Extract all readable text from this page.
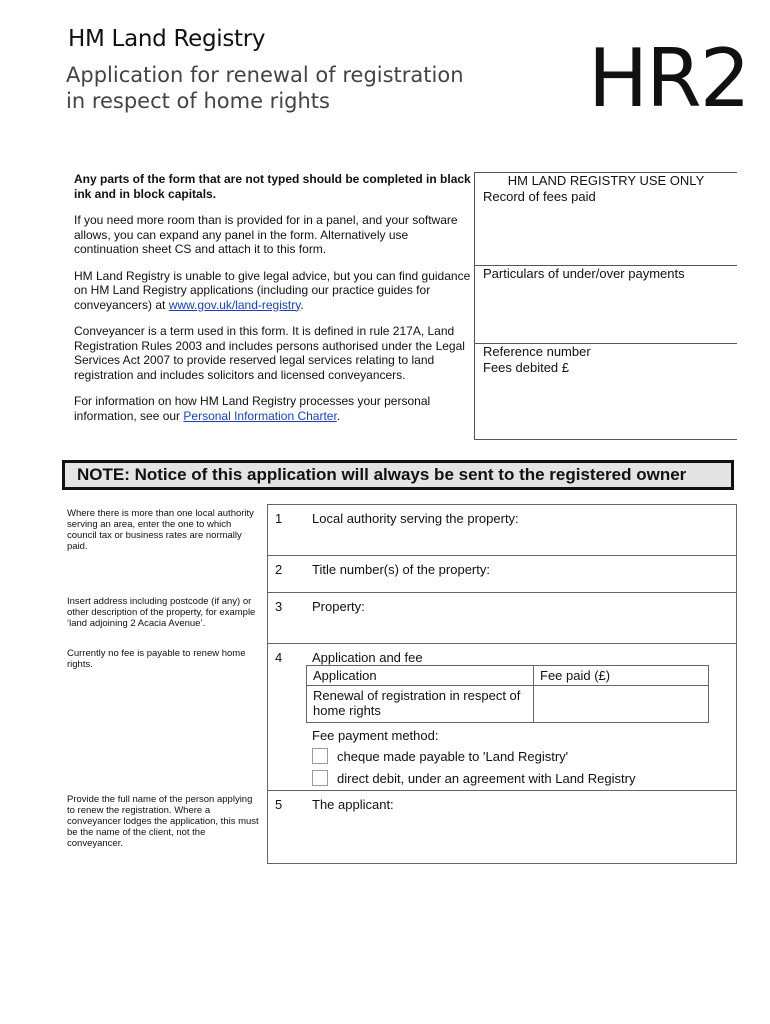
HM Land Registry
Application for renewal of registration
in respect of home rights	HR2

Any parts of the form that are not typed should be completed in black ink and in block capitals.

If you need more room than is provided for in a panel, and your software allows, you can expand any panel in the form. Alternatively use continuation sheet CS and attach it to this form.

HM Land Registry is unable to give legal advice, but you can find guidance on HM Land Registry applications (including our practice guides for conveyancers) at www.gov.uk/land-registry.

Conveyancer is a term used in this form. It is defined in rule 217A, Land Registration Rules 2003 and includes persons authorised under the Legal Services Act 2007 to provide reserved legal services relating to land registration and includes solicitors and licensed conveyancers.

For information on how HM Land Registry processes your personal information, see our Personal Information Charter.

HM LAND REGISTRY USE ONLY
Record of fees paid
Particulars of under/over payments
Reference number
Fees debited £
NOTE: Notice of this application will always be sent to the registered owner
Where there is more than one local authority serving an area, enter the one to which council tax or business rates are normally paid.
Insert address including postcode (if any) or other description of the property, for example ‘land adjoining 2 Acacia Avenue’.
Currently no fee is payable to renew home rights.
Provide the full name of the person applying to renew the registration. Where a conveyancer lodges the application, this must be the name of the client, not the conveyancer.
1 Local authority serving the property:
2 Title number(s) of the property:
3 Property:
4 Application and fee
Application	Fee paid (£)
Renewal of registration in respect of home rights	
Fee payment method:
cheque made payable to 'Land Registry'
direct debit, under an agreement with Land Registry
5 The applicant:
